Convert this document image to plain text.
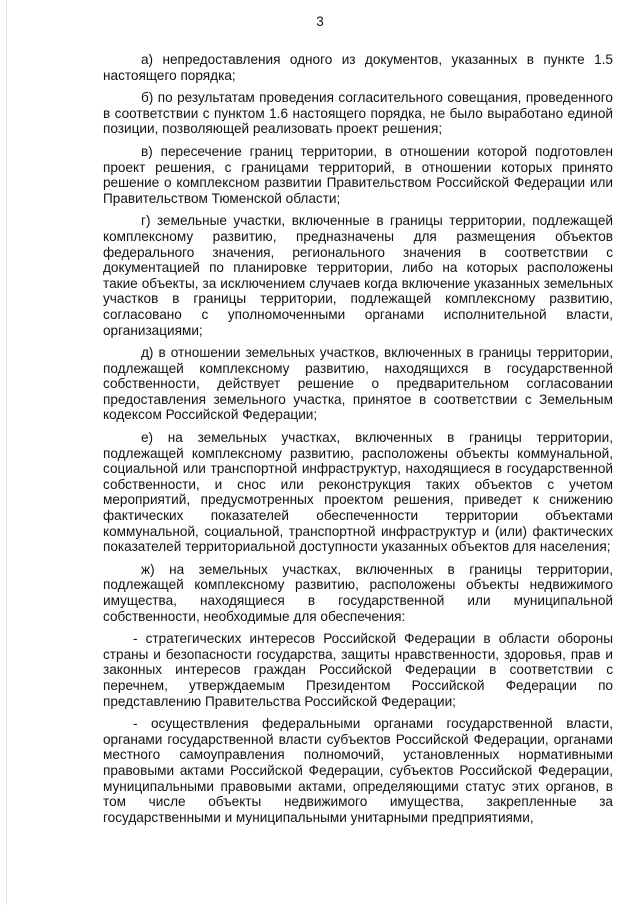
3

а) непредоставления одного из документов, указанных в пункте 1.5 настоящего порядка;

б) по результатам проведения согласительного совещания, проведенного в соответствии с пунктом 1.6 настоящего порядка, не было выработано единой позиции, позволяющей реализовать проект решения;

в) пересечение границ территории, в отношении которой подготовлен проект решения, с границами территорий, в отношении которых принято решение о комплексном развитии Правительством Российской Федерации или Правительством Тюменской области;

г) земельные участки, включенные в границы территории, подлежащей комплексному развитию, предназначены для размещения объектов федерального значения, регионального значения в соответствии с документацией по планировке территории, либо на которых расположены такие объекты, за исключением случаев когда включение указанных земельных участков в границы территории, подлежащей комплексному развитию, согласовано с уполномоченными органами исполнительной власти, организациями;

д) в отношении земельных участков, включенных в границы территории, подлежащей комплексному развитию, находящихся в государственной собственности, действует решение о предварительном согласовании предоставления земельного участка, принятое в соответствии с Земельным кодексом Российской Федерации;

е) на земельных участках, включенных в границы территории, подлежащей комплексному развитию, расположены объекты коммунальной, социальной или транспортной инфраструктур, находящиеся в государственной собственности, и снос или реконструкция таких объектов с учетом мероприятий, предусмотренных проектом решения, приведет к снижению фактических показателей обеспеченности территории объектами коммунальной, социальной, транспортной инфраструктур и (или) фактических показателей территориальной доступности указанных объектов для населения;

ж) на земельных участках, включенных в границы территории, подлежащей комплексному развитию, расположены объекты недвижимого имущества, находящиеся в государственной или муниципальной собственности, необходимые для обеспечения:

- стратегических интересов Российской Федерации в области обороны страны и безопасности государства, защиты нравственности, здоровья, прав и законных интересов граждан Российской Федерации в соответствии с перечнем, утверждаемым Президентом Российской Федерации по представлению Правительства Российской Федерации;

- осуществления федеральными органами государственной власти, органами государственной власти субъектов Российской Федерации, органами местного самоуправления полномочий, установленных нормативными правовыми актами Российской Федерации, субъектов Российской Федерации, муниципальными правовыми актами, определяющими статус этих органов, в том числе объекты недвижимого имущества, закрепленные за государственными и муниципальными унитарными предприятиями,
